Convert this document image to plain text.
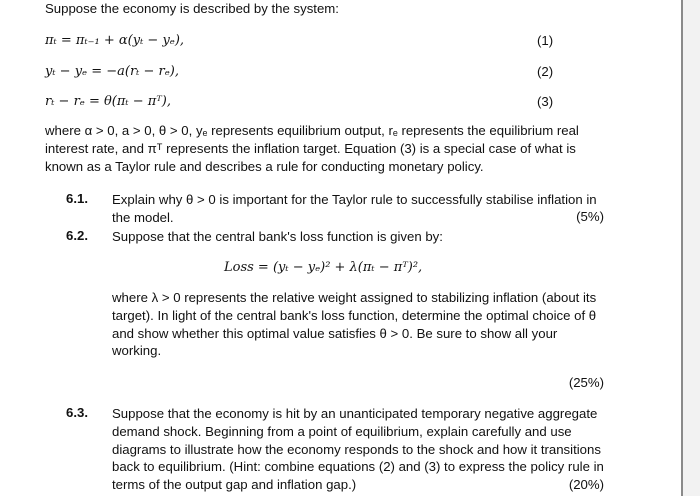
Suppose the economy is described by the system:
πₜ = πₜ₋₁ + α(yₜ − yₑ),	(1)
yₜ − yₑ = −a(rₜ − rₑ),	(2)
rₜ − rₑ = θ(πₜ − πᵀ),	(3)
where α > 0, a > 0, θ > 0, yₑ represents equilibrium output, rₑ represents the equilibrium real interest rate, and πᵀ represents the inflation target. Equation (3) is a special case of what is known as a Taylor rule and describes a rule for conducting monetary policy.
6.1. Explain why θ > 0 is important for the Taylor rule to successfully stabilise inflation in the model.	(5%)
6.2. Suppose that the central bank's loss function is given by:
Loss = (yₜ − yₑ)² + λ(πₜ − πᵀ)²,
where λ > 0 represents the relative weight assigned to stabilizing inflation (about its target). In light of the central bank's loss function, determine the optimal choice of θ and show whether this optimal value satisfies θ > 0. Be sure to show all your working.
(25%)
6.3. Suppose that the economy is hit by an unanticipated temporary negative aggregate demand shock. Beginning from a point of equilibrium, explain carefully and use diagrams to illustrate how the economy responds to the shock and how it transitions back to equilibrium. (Hint: combine equations (2) and (3) to express the policy rule in terms of the output gap and inflation gap.)	(20%)
